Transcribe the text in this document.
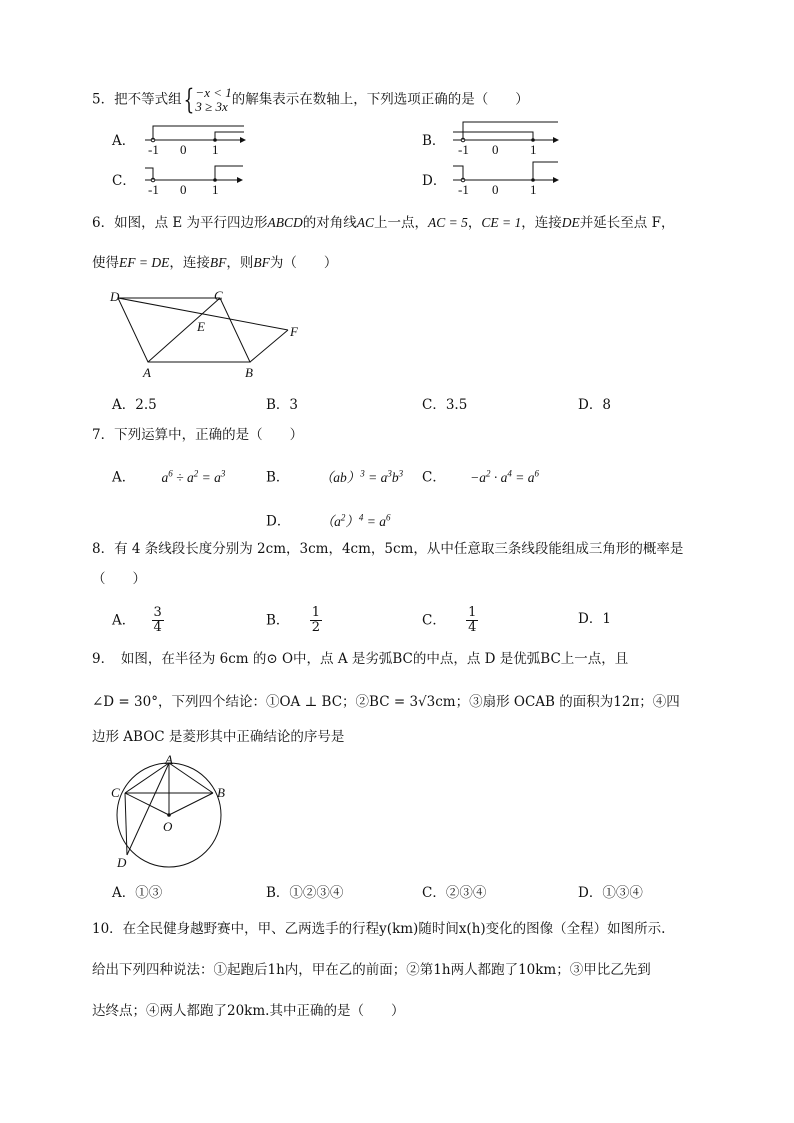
5．把不等式组{ −x < 1
3 ≥ 3x 的解集表示在数轴上，下列选项正确的是（　　）
A．
-1 0 1
B．
-1 0 1
C．
-1 0 1
D．
-1 0 1
6．如图，点 E 为平行四边形ABCD的对角线AC上一点，AC = 5，CE = 1，连接DE并延长至点 F，
使得EF = DE，连接BF，则BF为（　　）
D	C
E	F
A	B
A．2.5	B．3	C．3.5	D．8
7．下列运算中，正确的是（　　）
A． $a^6 \div a^2 = a^3$	B． $(ab)^3 = a^3b^3$ C． $-a^2 \cdot a^4 = a^6$
D． $(a^2)^4 = a^6$
8．有 4 条线段长度分别为 2cm，3cm，4cm，5cm，从中任意取三条线段能组成三角形的概率是
（　　）
A． $\frac{3}{4}$	B． $\frac{1}{2}$	C． $\frac{1}{4}$	D．1
9．　如图，在半径为 6cm 的⊙ O中，点 A 是劣弧BC的中点，点 D 是优弧BC上一点，且
∠D = 30°，下列四个结论：①OA ⊥ BC；②BC = 3√3cm；③扇形 OCAB 的面积为12π；④四
边形 ABOC 是菱形其中正确结论的序号是
A
B
C
O
D
A．①③	B．①②③④	C．②③④	D．①③④
10．在全民健身越野赛中，甲、乙两选手的行程y(km)随时间x(h)变化的图像（全程）如图所示.
给出下列四种说法：①起跑后1h内，甲在乙的前面；②第1h两人都跑了10km；③甲比乙先到
达终点；④两人都跑了20km.其中正确的是（　　）
